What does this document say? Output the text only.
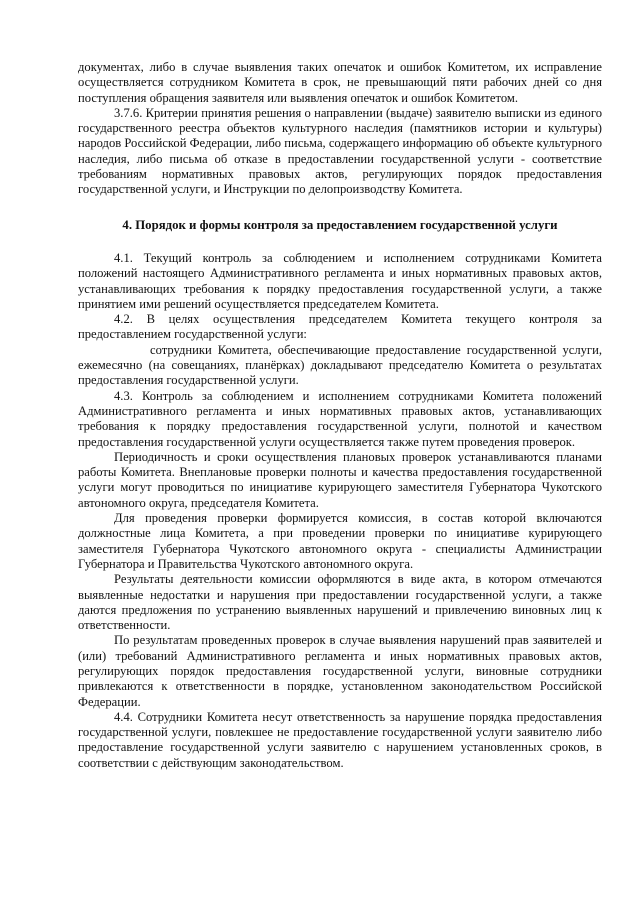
документах, либо в случае выявления таких опечаток и ошибок Комитетом, их исправление осуществляется сотрудником Комитета в срок, не превышающий пяти рабочих дней со дня поступления обращения заявителя или выявления опечаток и ошибок Комитетом.

3.7.6. Критерии принятия решения о направлении (выдаче) заявителю выписки из единого государственного реестра объектов культурного наследия (памятников истории и культуры) народов Российской Федерации, либо письма, содержащего информацию об объекте культурного наследия, либо письма об отказе в предоставлении государственной услуги - соответствие требованиям нормативных правовых актов, регулирующих порядок предоставления государственной услуги, и Инструкции по делопроизводству Комитета.

4. Порядок и формы контроля за предоставлением государственной услуги

4.1. Текущий контроль за соблюдением и исполнением сотрудниками Комитета положений настоящего Административного регламента и иных нормативных правовых актов, устанавливающих требования к порядку предоставления государственной услуги, а также принятием ими решений осуществляется председателем Комитета.

4.2. В целях осуществления председателем Комитета текущего контроля за предоставлением государственной услуги:

сотрудники Комитета, обеспечивающие предоставление государственной услуги, ежемесячно (на совещаниях, планёрках) докладывают председателю Комитета о результатах предоставления государственной услуги.

4.3. Контроль за соблюдением и исполнением сотрудниками Комитета положений Административного регламента и иных нормативных правовых актов, устанавливающих требования к порядку предоставления государственной услуги, полнотой и качеством предоставления государственной услуги осуществляется также путем проведения проверок.

Периодичность и сроки осуществления плановых проверок устанавливаются планами работы Комитета. Внеплановые проверки полноты и качества предоставления государственной услуги могут проводиться по инициативе курирующего заместителя Губернатора Чукотского автономного округа, председателя Комитета.

Для проведения проверки формируется комиссия, в состав которой включаются должностные лица Комитета, а при проведении проверки по инициативе курирующего заместителя Губернатора Чукотского автономного округа - специалисты Администрации Губернатора и Правительства Чукотского автономного округа.

Результаты деятельности комиссии оформляются в виде акта, в котором отмечаются выявленные недостатки и нарушения при предоставлении государственной услуги, а также даются предложения по устранению выявленных нарушений и привлечению виновных лиц к ответственности.

По результатам проведенных проверок в случае выявления нарушений прав заявителей и (или) требований Административного регламента и иных нормативных правовых актов, регулирующих порядок предоставления государственной услуги, виновные сотрудники привлекаются к ответственности в порядке, установленном законодательством Российской Федерации.

4.4. Сотрудники Комитета несут ответственность за нарушение порядка предоставления государственной услуги, повлекшее не предоставление государственной услуги заявителю либо предоставление государственной услуги заявителю с нарушением установленных сроков, в соответствии с действующим законодательством.
